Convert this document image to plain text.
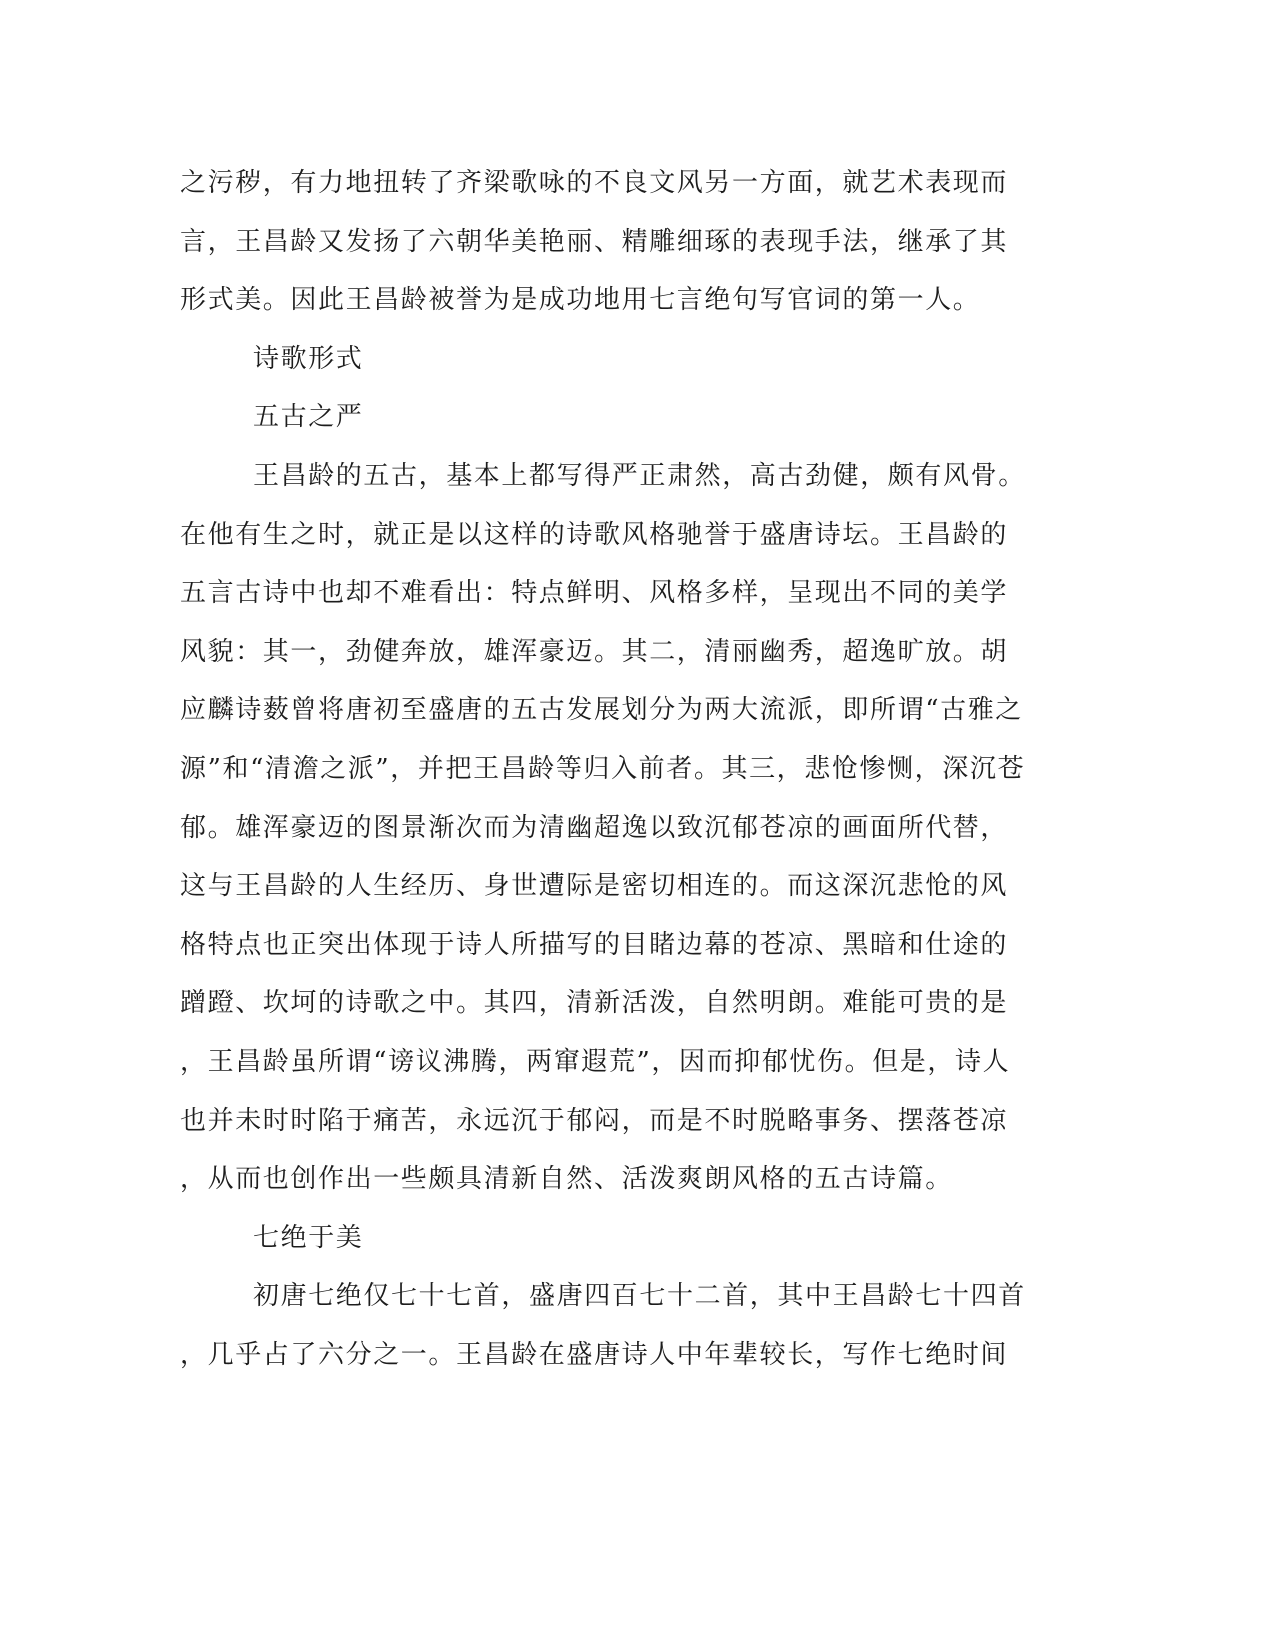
之污秽，有力地扭转了齐梁歌咏的不良文风另一方面，就艺术表现而
言，王昌龄又发扬了六朝华美艳丽、精雕细琢的表现手法，继承了其
形式美。因此王昌龄被誉为是成功地用七言绝句写官词的第一人。
诗歌形式
五古之严
王昌龄的五古，基本上都写得严正肃然，高古劲健，颇有风骨。
在他有生之时，就正是以这样的诗歌风格驰誉于盛唐诗坛。王昌龄的
五言古诗中也却不难看出：特点鲜明、风格多样，呈现出不同的美学
风貌：其一，劲健奔放，雄浑豪迈。其二，清丽幽秀，超逸旷放。胡
应麟诗薮曾将唐初至盛唐的五古发展划分为两大流派，即所谓“古雅之
源”和“清澹之派”，并把王昌龄等归入前者。其三，悲怆惨恻，深沉苍
郁。雄浑豪迈的图景渐次而为清幽超逸以致沉郁苍凉的画面所代替，
这与王昌龄的人生经历、身世遭际是密切相连的。而这深沉悲怆的风
格特点也正突出体现于诗人所描写的目睹边幕的苍凉、黑暗和仕途的
蹭蹬、坎坷的诗歌之中。其四，清新活泼，自然明朗。难能可贵的是
，王昌龄虽所谓“谤议沸腾，两窜遐荒”，因而抑郁忧伤。但是，诗人
也并未时时陷于痛苦，永远沉于郁闷，而是不时脱略事务、摆落苍凉
，从而也创作出一些颇具清新自然、活泼爽朗风格的五古诗篇。
七绝于美
初唐七绝仅七十七首，盛唐四百七十二首，其中王昌龄七十四首
，几乎占了六分之一。王昌龄在盛唐诗人中年辈较长，写作七绝时间
